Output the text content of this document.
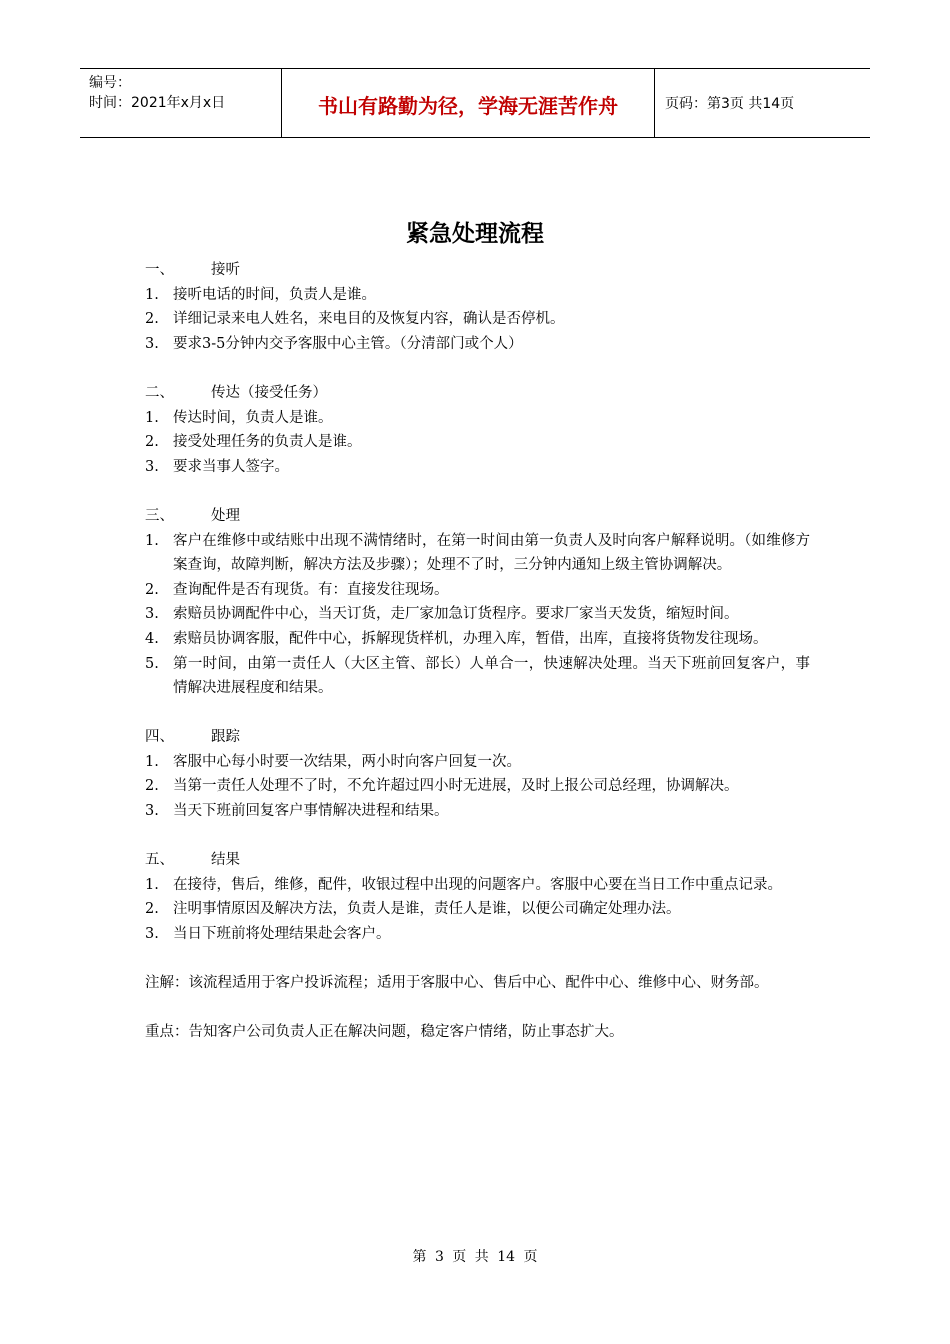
编号：
时间：2021年x月x日	书山有路勤为径，学海无涯苦作舟	页码：第3页 共14页
紧急处理流程
一、	接听
1. 接听电话的时间，负责人是谁。
2. 详细记录来电人姓名，来电目的及恢复内容，确认是否停机。
3. 要求3-5分钟内交予客服中心主管。（分清部门或个人）
二、	传达（接受任务）
1. 传达时间，负责人是谁。
2. 接受处理任务的负责人是谁。
3. 要求当事人签字。
三、	处理
1. 客户在维修中或结账中出现不满情绪时，在第一时间由第一负责人及时向客户解释说明。（如维修方案查询，故障判断，解决方法及步骤）；处理不了时，三分钟内通知上级主管协调解决。
2. 查询配件是否有现货。有：直接发往现场。
3. 索赔员协调配件中心，当天订货，走厂家加急订货程序。要求厂家当天发货，缩短时间。
4. 索赔员协调客服，配件中心，拆解现货样机，办理入库，暂借，出库，直接将货物发往现场。
5. 第一时间，由第一责任人（大区主管、部长）人单合一，快速解决处理。当天下班前回复客户，事情解决进展程度和结果。
四、	跟踪
1. 客服中心每小时要一次结果，两小时向客户回复一次。
2. 当第一责任人处理不了时，不允许超过四小时无进展，及时上报公司总经理，协调解决。
3. 当天下班前回复客户事情解决进程和结果。
五、	结果
1. 在接待，售后，维修，配件，收银过程中出现的问题客户。客服中心要在当日工作中重点记录。
2. 注明事情原因及解决方法，负责人是谁，责任人是谁，以便公司确定处理办法。
3. 当日下班前将处理结果赴会客户。
注解：该流程适用于客户投诉流程；适用于客服中心、售后中心、配件中心、维修中心、财务部。
重点：告知客户公司负责人正在解决问题，稳定客户情绪，防止事态扩大。
第 3 页 共 14 页
